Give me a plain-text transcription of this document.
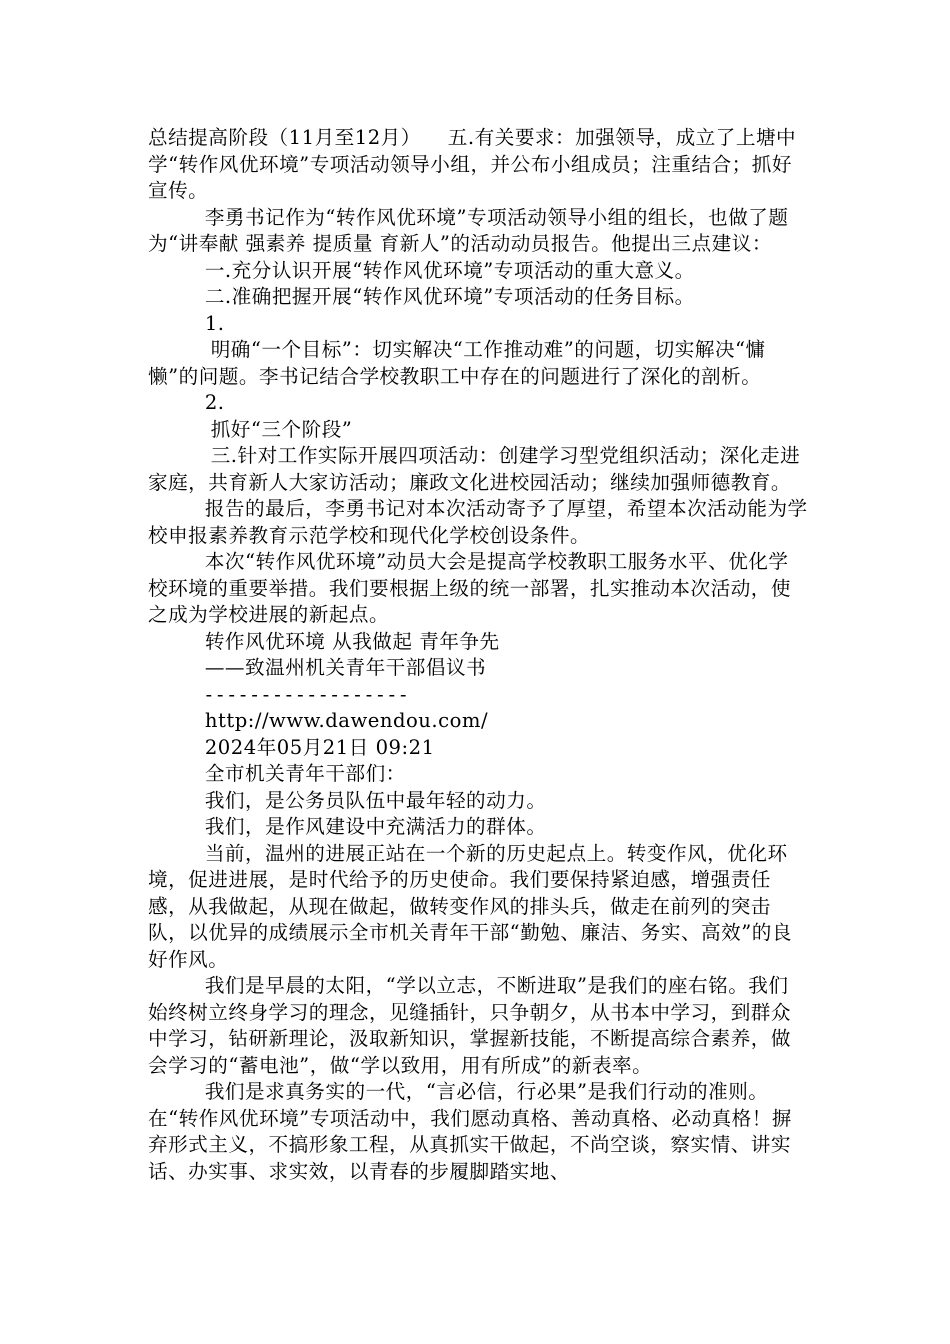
总结提高阶段（11月至12月）    五.有关要求：加强领导，成立了上塘中学“转作风优环境”专项活动领导小组，并公布小组成员；注重结合；抓好宣传。

李勇书记作为“转作风优环境”专项活动领导小组的组长，也做了题为“讲奉献 强素养 提质量 育新人”的活动动员报告。他提出三点建议：

一.充分认识开展“转作风优环境”专项活动的重大意义。

二.准确把握开展“转作风优环境”专项活动的任务目标。

1.

明确“一个目标”：切实解决“工作推动难”的问题，切实解决“慵懒”的问题。李书记结合学校教职工中存在的问题进行了深化的剖析。

2.

抓好“三个阶段”

三.针对工作实际开展四项活动：创建学习型党组织活动；深化走进家庭，共育新人大家访活动；廉政文化进校园活动；继续加强师德教育。

报告的最后，李勇书记对本次活动寄予了厚望，希望本次活动能为学校申报素养教育示范学校和现代化学校创设条件。

本次“转作风优环境”动员大会是提高学校教职工服务水平、优化学校环境的重要举措。我们要根据上级的统一部署，扎实推动本次活动，使之成为学校进展的新起点。

转作风优环境 从我做起 青年争先

——致温州机关青年干部倡议书

------------------

http://www.dawendou.com/

2024年05月21日 09:21

全市机关青年干部们：

我们，是公务员队伍中最年轻的动力。

我们，是作风建设中充满活力的群体。

当前，温州的进展正站在一个新的历史起点上。转变作风，优化环境，促进进展，是时代给予的历史使命。我们要保持紧迫感，增强责任感，从我做起，从现在做起，做转变作风的排头兵，做走在前列的突击队，以优异的成绩展示全市机关青年干部“勤勉、廉洁、务实、高效”的良好作风。

我们是早晨的太阳，“学以立志，不断进取”是我们的座右铭。我们始终树立终身学习的理念，见缝插针，只争朝夕，从书本中学习，到群众中学习，钻研新理论，汲取新知识，掌握新技能，不断提高综合素养，做会学习的“蓄电池”，做“学以致用，用有所成”的新表率。

我们是求真务实的一代，“言必信，行必果”是我们行动的准则。在“转作风优环境”专项活动中，我们愿动真格、善动真格、必动真格！摒弃形式主义，不搞形象工程，从真抓实干做起，不尚空谈，察实情、讲实话、办实事、求实效，以青春的步履脚踏实地、
